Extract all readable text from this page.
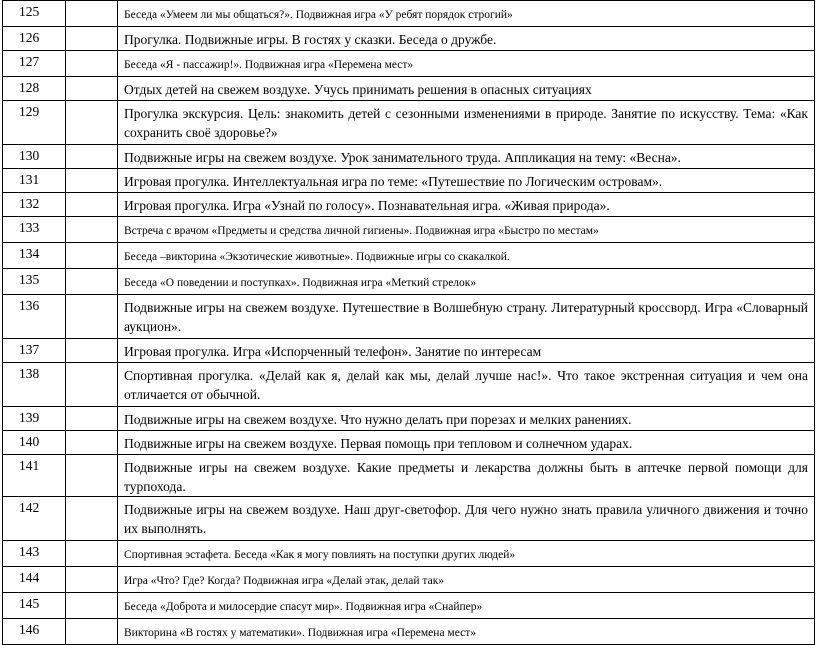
125		Беседа «Умеем ли мы общаться?». Подвижная игра «У ребят порядок строгий»
126		Прогулка. Подвижные игры. В гостях у сказки. Беседа о дружбе.
127		Беседа «Я - пассажир!». Подвижная игра «Перемена мест»
128		Отдых детей на свежем воздухе. Учусь принимать решения в опасных ситуациях
129		Прогулка экскурсия. Цель: знакомить детей с сезонными изменениями в природе. Занятие по искусству. Тема: «Как сохранить своё здоровье?»
130		Подвижные игры на свежем воздухе. Урок занимательного труда. Аппликация на тему: «Весна».
131		Игровая прогулка. Интеллектуальная игра по теме: «Путешествие по Логическим островам».
132		Игровая прогулка. Игра «Узнай по голосу». Познавательная игра. «Живая природа».
133		Встреча с врачом «Предметы и средства личной гигиены». Подвижная игра «Быстро по местам»
134		Беседа –викторина «Экзотические животные». Подвижные игры со скакалкой.
135		Беседа «О поведении и поступках». Подвижная игра «Меткий стрелок»
136		Подвижные игры на свежем воздухе. Путешествие в Волшебную страну. Литературный кроссворд. Игра «Словарный аукцион».
137		Игровая прогулка. Игра «Испорченный телефон». Занятие по интересам
138		Спортивная прогулка. «Делай как я, делай как мы, делай лучше нас!». Что такое экстренная ситуация и чем она отличается от обычной.
139		Подвижные игры на свежем воздухе. Что нужно делать при порезах и мелких ранениях.
140		Подвижные игры на свежем воздухе. Первая помощь при тепловом и солнечном ударах.
141		Подвижные игры на свежем воздухе. Какие предметы и лекарства должны быть в аптечке первой помощи для турпохода.
142		Подвижные игры на свежем воздухе. Наш друг-светофор. Для чего нужно знать правила уличного движения и точно их выполнять.
143		Спортивная эстафета. Беседа «Как я могу повлиять на поступки других людей»
144		Игра «Что? Где? Когда? Подвижная игра «Делай этак, делай так»
145		Беседа «Доброта и милосердие спасут мир». Подвижная игра «Снайпер»
146		Викторина «В гостях у математики». Подвижная игра «Перемена мест»
